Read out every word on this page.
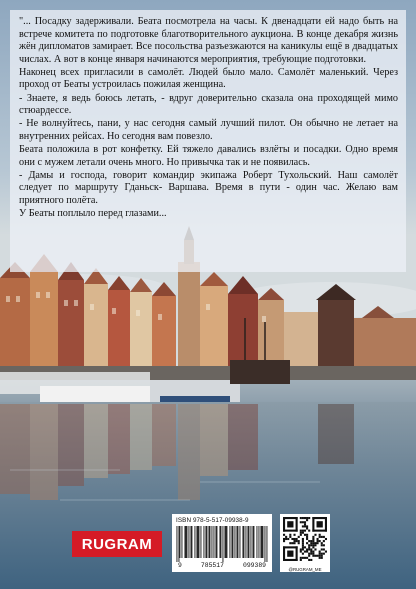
"... Посадку задерживали. Беата посмотрела на часы. К двенадцати ей надо быть на встрече комитета по подготовке благотворительного аукциона. В конце декабря жизнь жён дипломатов замирает. Все посольства разъезжаются на каникулы ещё в двадцатых числах. А вот в конце января начинаются мероприятия, требующие подготовки.

Наконец всех пригласили в самолёт. Людей было мало. Самолёт маленький. Через проход от Беаты устроилась пожилая женщина.

- Знаете, я ведь боюсь летать, - вдруг доверительно сказала она проходящей мимо стюардессе.

- Не волнуйтесь, пани, у нас сегодня самый лучший пилот. Он обычно не летает на внутренних рейсах. Но сегодня вам повезло.

Беата положила в рот конфетку. Ей тяжело давались взлёты и посадки. Одно время они с мужем летали очень много. Но привычка так и не появилась.

- Дамы и господа, говорит командир экипажа Роберт Тухольский. Наш самолёт следует по маршруту Гданьск- Варшава. Время в пути - один час. Желаю вам приятного полёта.

У Беаты поплыло перед глазами...

RUGRAM
ISBN 978-5-517-09938-9
9	785517	099389
@RUGRAM_ME
